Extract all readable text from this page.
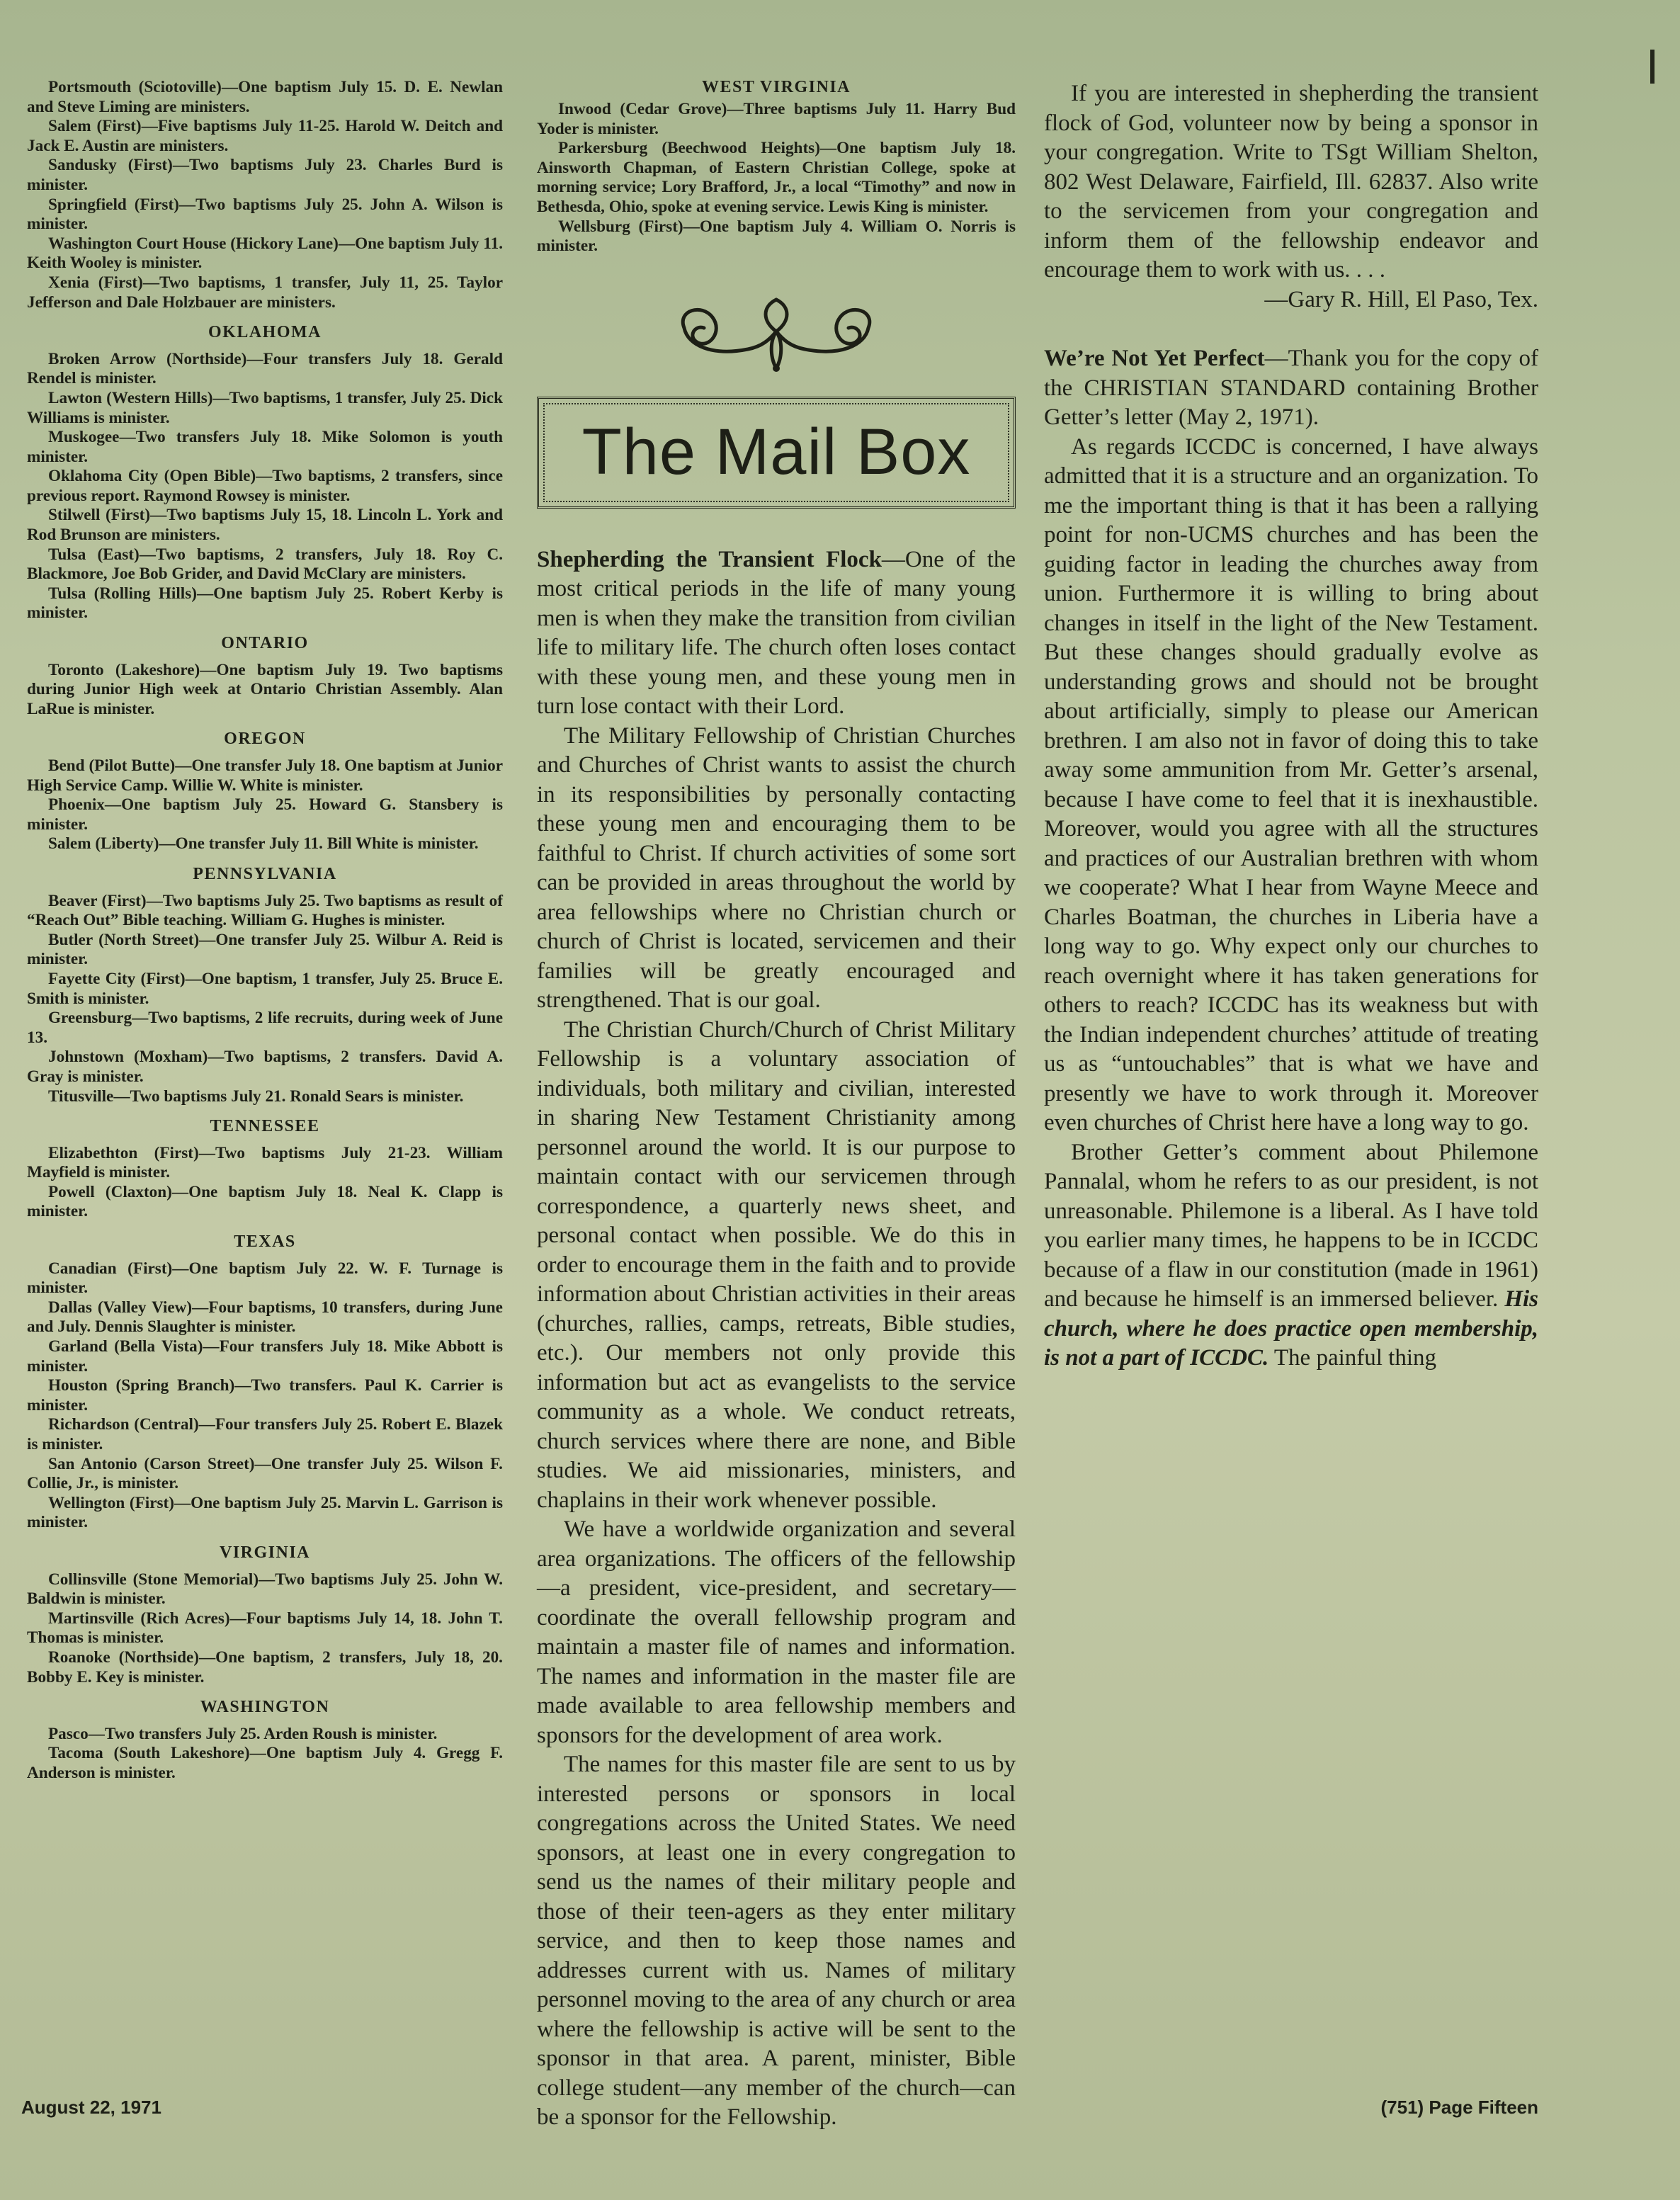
Portsmouth (Sciotoville)—One baptism July 15. D. E. Newlan and Steve Liming are ministers.

Salem (First)—Five baptisms July 11-25. Harold W. Deitch and Jack E. Austin are ministers.

Sandusky (First)—Two baptisms July 23. Charles Burd is minister.

Springfield (First)—Two baptisms July 25. John A. Wilson is minister.

Washington Court House (Hickory Lane)—One baptism July 11. Keith Wooley is minister.

Xenia (First)—Two baptisms, 1 transfer, July 11, 25. Taylor Jefferson and Dale Holzbauer are ministers.

OKLAHOMA

Broken Arrow (Northside)—Four transfers July 18. Gerald Rendel is minister.

Lawton (Western Hills)—Two baptisms, 1 transfer, July 25. Dick Williams is minister.

Muskogee—Two transfers July 18. Mike Solomon is youth minister.

Oklahoma City (Open Bible)—Two baptisms, 2 transfers, since previous report. Raymond Rowsey is minister.

Stilwell (First)—Two baptisms July 15, 18. Lincoln L. York and Rod Brunson are ministers.

Tulsa (East)—Two baptisms, 2 transfers, July 18. Roy C. Blackmore, Joe Bob Grider, and David McClary are ministers.

Tulsa (Rolling Hills)—One baptism July 25. Robert Kerby is minister.

ONTARIO

Toronto (Lakeshore)—One baptism July 19. Two baptisms during Junior High week at Ontario Christian Assembly. Alan LaRue is minister.

OREGON

Bend (Pilot Butte)—One transfer July 18. One baptism at Junior High Service Camp. Willie W. White is minister.

Phoenix—One baptism July 25. Howard G. Stansbery is minister.

Salem (Liberty)—One transfer July 11. Bill White is minister.

PENNSYLVANIA

Beaver (First)—Two baptisms July 25. Two baptisms as result of “Reach Out” Bible teaching. William G. Hughes is minister.

Butler (North Street)—One transfer July 25. Wilbur A. Reid is minister.

Fayette City (First)—One baptism, 1 transfer, July 25. Bruce E. Smith is minister.

Greensburg—Two baptisms, 2 life recruits, during week of June 13.

Johnstown (Moxham)—Two baptisms, 2 transfers. David A. Gray is minister.

Titusville—Two baptisms July 21. Ronald Sears is minister.

TENNESSEE

Elizabethton (First)—Two baptisms July 21-23. William Mayfield is minister.

Powell (Claxton)—One baptism July 18. Neal K. Clapp is minister.

TEXAS

Canadian (First)—One baptism July 22. W. F. Turnage is minister.

Dallas (Valley View)—Four baptisms, 10 transfers, during June and July. Dennis Slaughter is minister.

Garland (Bella Vista)—Four transfers July 18. Mike Abbott is minister.

Houston (Spring Branch)—Two transfers. Paul K. Carrier is minister.

Richardson (Central)—Four transfers July 25. Robert E. Blazek is minister.

San Antonio (Carson Street)—One transfer July 25. Wilson F. Collie, Jr., is minister.

Wellington (First)—One baptism July 25. Marvin L. Garrison is minister.

VIRGINIA

Collinsville (Stone Memorial)—Two baptisms July 25. John W. Baldwin is minister.

Martinsville (Rich Acres)—Four baptisms July 14, 18. John T. Thomas is minister.

Roanoke (Northside)—One baptism, 2 transfers, July 18, 20. Bobby E. Key is minister.

WASHINGTON

Pasco—Two transfers July 25. Arden Roush is minister.

Tacoma (South Lakeshore)—One baptism July 4. Gregg F. Anderson is minister.

WEST VIRGINIA

Inwood (Cedar Grove)—Three baptisms July 11. Harry Bud Yoder is minister.

Parkersburg (Beechwood Heights)—One baptism July 18. Ainsworth Chapman, of Eastern Christian College, spoke at morning service; Lory Brafford, Jr., a local “Timothy” and now in Bethesda, Ohio, spoke at evening service. Lewis King is minister.

Wellsburg (First)—One baptism July 4. William O. Norris is minister.

The Mail Box

Shepherding the Transient Flock—One of the most critical periods in the life of many young men is when they make the transition from civilian life to military life. The church often loses contact with these young men, and these young men in turn lose contact with their Lord.

The Military Fellowship of Christian Churches and Churches of Christ wants to assist the church in its responsibilities by personally contacting these young men and encouraging them to be faithful to Christ. If church activities of some sort can be provided in areas throughout the world by area fellowships where no Christian church or church of Christ is located, servicemen and their families will be greatly encouraged and strengthened. That is our goal.

The Christian Church/Church of Christ Military Fellowship is a voluntary association of individuals, both military and civilian, interested in sharing New Testament Christianity among personnel around the world. It is our purpose to maintain contact with our servicemen through correspondence, a quarterly news sheet, and personal contact when possible. We do this in order to encourage them in the faith and to provide information about Christian activities in their areas (churches, rallies, camps, retreats, Bible studies, etc.). Our members not only provide this information but act as evangelists to the service community as a whole. We conduct retreats, church services where there are none, and Bible studies. We aid missionaries, ministers, and chaplains in their work whenever possible.

We have a worldwide organization and several area organizations. The officers of the fellowship—a president, vice-president, and secretary—coordinate the overall fellowship program and maintain a master file of names and information. The names and information in the master file are made available to area fellowship members and sponsors for the development of area work.

The names for this master file are sent to us by interested persons or sponsors in local congregations across the United States. We need sponsors, at least one in every congregation to send us the names of their military people and those of their teen-agers as they enter military service, and then to keep those names and addresses current with us. Names of military personnel moving to the area of any church or area where the fellowship is active will be sent to the sponsor in that area. A parent, minister, Bible college student—any member of the church—can be a sponsor for the Fellowship.

If you are interested in shepherding the transient flock of God, volunteer now by being a sponsor in your congregation. Write to TSgt William Shelton, 802 West Delaware, Fairfield, Ill. 62837. Also write to the servicemen from your congregation and inform them of the fellowship endeavor and encourage them to work with us. . . .

—Gary R. Hill, El Paso, Tex.

We’re Not Yet Perfect—Thank you for the copy of the CHRISTIAN STANDARD containing Brother Getter’s letter (May 2, 1971).

As regards ICCDC is concerned, I have always admitted that it is a structure and an organization. To me the important thing is that it has been a rallying point for non-UCMS churches and has been the guiding factor in leading the churches away from union. Furthermore it is willing to bring about changes in itself in the light of the New Testament. But these changes should gradually evolve as understanding grows and should not be brought about artificially, simply to please our American brethren. I am also not in favor of doing this to take away some ammunition from Mr. Getter’s arsenal, because I have come to feel that it is inexhaustible. Moreover, would you agree with all the structures and practices of our Australian brethren with whom we cooperate? What I hear from Wayne Meece and Charles Boatman, the churches in Liberia have a long way to go. Why expect only our churches to reach overnight where it has taken generations for others to reach? ICCDC has its weakness but with the Indian independent churches’ attitude of treating us as “untouchables” that is what we have and presently we have to work through it. Moreover even churches of Christ here have a long way to go.

Brother Getter’s comment about Philemone Pannalal, whom he refers to as our president, is not unreasonable. Philemone is a liberal. As I have told you earlier many times, he happens to be in ICCDC because of a flaw in our constitution (made in 1961) and because he himself is an immersed believer. His church, where he does practice open membership, is not a part of ICCDC. The painful thing

August 22, 1971	(751) Page Fifteen
